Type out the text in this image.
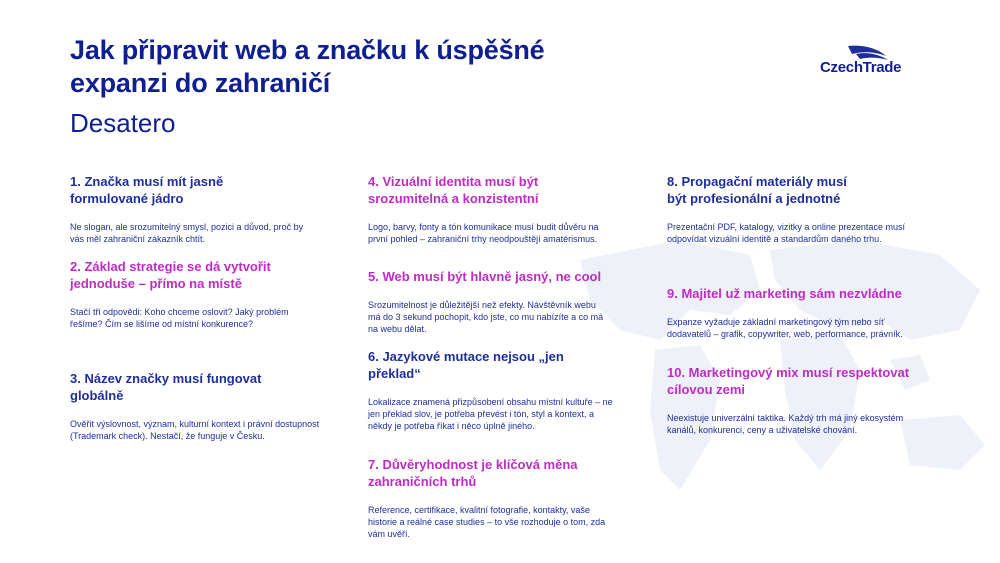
Jak připravit web a značku k úspěšné
expanzi do zahraničí
Desatero
CzechTrade
1. Značka musí mít jasně formulované jádro
Ne slogan, ale srozumitelný smysl, pozici a důvod, proč by vás měl zahraniční zákazník chtít.
2. Základ strategie se dá vytvořit jednoduše – přímo na místě
Stačí tři odpovědi: Koho chceme oslovit? Jaký problém řešíme? Čím se lišíme od místní konkurence?
3. Název značky musí fungovat globálně
Ověřit výslovnost, význam, kulturní kontext i právní dostupnost (Trademark check). Nestačí, že funguje v Česku.
4. Vizuální identita musí být srozumitelná a konzistentní
Logo, barvy, fonty a tón komunikace musí budit důvěru na první pohled – zahraniční trhy neodpouštějí amatérismus.
5. Web musí být hlavně jasný, ne cool
Srozumitelnost je důležitější než efekty. Návštěvník webu má do 3 sekund pochopit, kdo jste, co mu nabízíte a co má na webu dělat.
6. Jazykové mutace nejsou „jen překlad“
Lokalizace znamená přizpůsobení obsahu místní kultuře – ne jen překlad slov, je potřeba převést i tón, styl a kontext, a někdy je potřeba říkat i něco úplně jiného.
7. Důvěryhodnost je klíčová měna zahraničních trhů
Reference, certifikace, kvalitní fotografie, kontakty, vaše historie a reálné case studies – to vše rozhoduje o tom, zda vám uvěří.
8. Propagační materiály musí být profesionální a jednotné
Prezentační PDF, katalogy, vizitky a online prezentace musí odpovídat vizuální identitě a standardům daného trhu.
9. Majitel už marketing sám nezvládne
Expanze vyžaduje základní marketingový tým nebo síť dodavatelů – grafik, copywriter, web, performance, právník.
10. Marketingový mix musí respektovat cílovou zemi
Neexistuje univerzální taktika. Každý trh má jiný ekosystém kanálů, konkurenci, ceny a uživatelské chování.
